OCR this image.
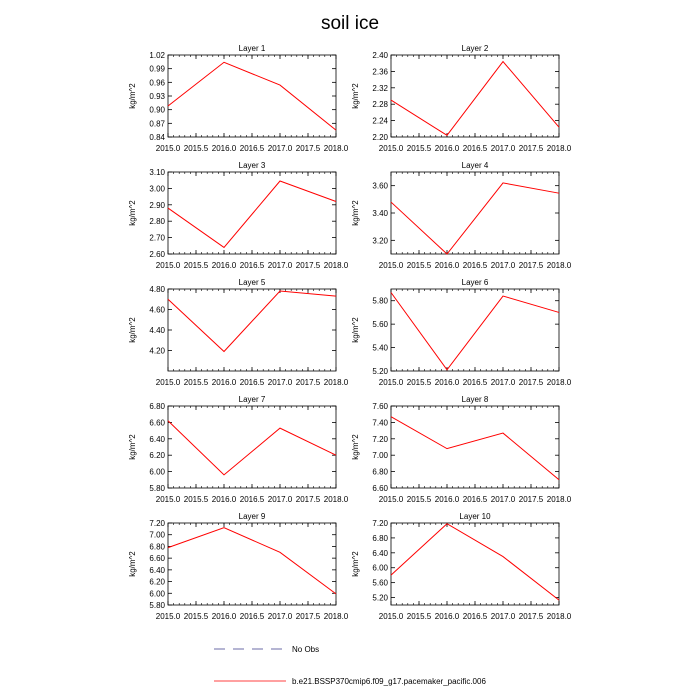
soil ice
Layer 1
2015.0 2015.5 2016.0 2016.5 2017.0 2017.5 2018.0
0.84
0.87
0.90
0.93
0.96
0.99
1.02
kg/m^2
Layer 2
2015.0 2015.5 2016.0 2016.5 2017.0 2017.5 2018.0
2.20
2.24
2.28
2.32
2.36
2.40
kg/m^2
Layer 3
2015.0 2015.5 2016.0 2016.5 2017.0 2017.5 2018.0
2.60
2.70
2.80
2.90
3.00
3.10
kg/m^2
Layer 4
2015.0 2015.5 2016.0 2016.5 2017.0 2017.5 2018.0
3.20
3.40
3.60
kg/m^2
Layer 5
2015.0 2015.5 2016.0 2016.5 2017.0 2017.5 2018.0
4.20
4.40
4.60
4.80
kg/m^2
Layer 6
2015.0 2015.5 2016.0 2016.5 2017.0 2017.5 2018.0
5.20
5.40
5.60
5.80
kg/m^2
Layer 7
2015.0 2015.5 2016.0 2016.5 2017.0 2017.5 2018.0
5.80
6.00
6.20
6.40
6.60
6.80
kg/m^2
Layer 8
2015.0 2015.5 2016.0 2016.5 2017.0 2017.5 2018.0
6.60
6.80
7.00
7.20
7.40
7.60
kg/m^2
Layer 9
2015.0 2015.5 2016.0 2016.5 2017.0 2017.5 2018.0
5.80
6.00
6.20
6.40
6.60
6.80
7.00
7.20
kg/m^2
Layer 10
2015.0 2015.5 2016.0 2016.5 2017.0 2017.5 2018.0
5.20
5.60
6.00
6.40
6.80
7.20
kg/m^2
No Obs
b.e21.BSSP370cmip6.f09_g17.pacemaker_pacific.006
